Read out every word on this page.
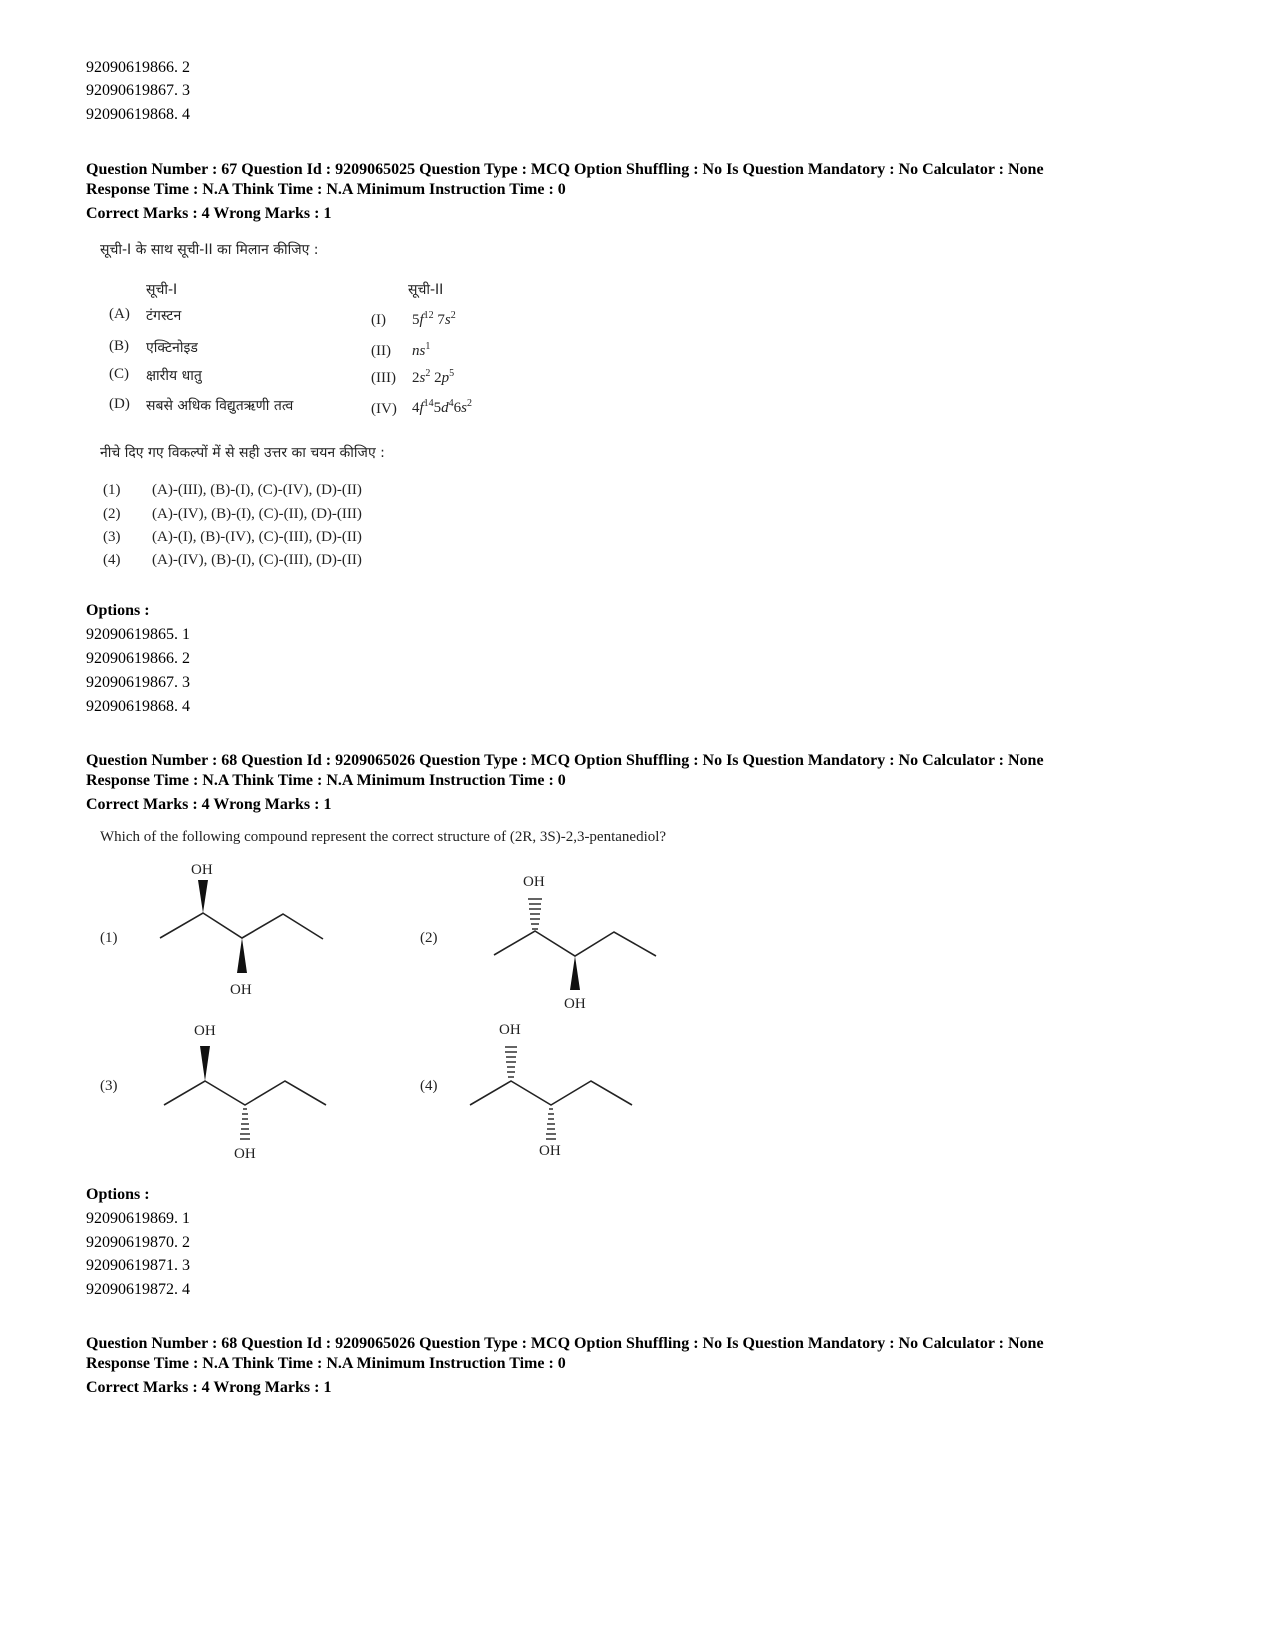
92090619866. 2
92090619867. 3
92090619868. 4
Question Number : 67 Question Id : 9209065025 Question Type : MCQ Option Shuffling : No Is Question Mandatory : No Calculator : None
Response Time : N.A Think Time : N.A Minimum Instruction Time : 0
Correct Marks : 4 Wrong Marks : 1
सूची-I के साथ सूची-II का मिलान कीजिए :
सूची-I	सूची-II
(A) टंगस्टन
(B) एक्टिनोइड
(C) क्षारीय धातु
(D) सबसे अधिक विद्युतऋणी तत्व
(I) $5f^{12}$ $7s^2$
(II) $ns^1$
(III) $2s^2$ $2p^5$
(IV) $4f^{14}5d^46s^2$
नीचे दिए गए विकल्पों में से सही उत्तर का चयन कीजिए :
(1) (A)-(III), (B)-(I), (C)-(IV), (D)-(II)
(2) (A)-(IV), (B)-(I), (C)-(II), (D)-(III)
(3) (A)-(I), (B)-(IV), (C)-(III), (D)-(II)
(4) (A)-(IV), (B)-(I), (C)-(III), (D)-(II)
Options :
92090619865. 1
92090619866. 2
92090619867. 3
92090619868. 4
Question Number : 68 Question Id : 9209065026 Question Type : MCQ Option Shuffling : No Is Question Mandatory : No Calculator : None
Response Time : N.A Think Time : N.A Minimum Instruction Time : 0
Correct Marks : 4 Wrong Marks : 1
Which of the following compound represent the correct structure of (2R, 3S)-2,3-pentanediol?
(1)
OH
OH
(2)
OH
OH
(3)
OH
OH
(4)
OH
OH
Options :
92090619869. 1
92090619870. 2
92090619871. 3
92090619872. 4
Question Number : 68 Question Id : 9209065026 Question Type : MCQ Option Shuffling : No Is Question Mandatory : No Calculator : None
Response Time : N.A Think Time : N.A Minimum Instruction Time : 0
Correct Marks : 4 Wrong Marks : 1
